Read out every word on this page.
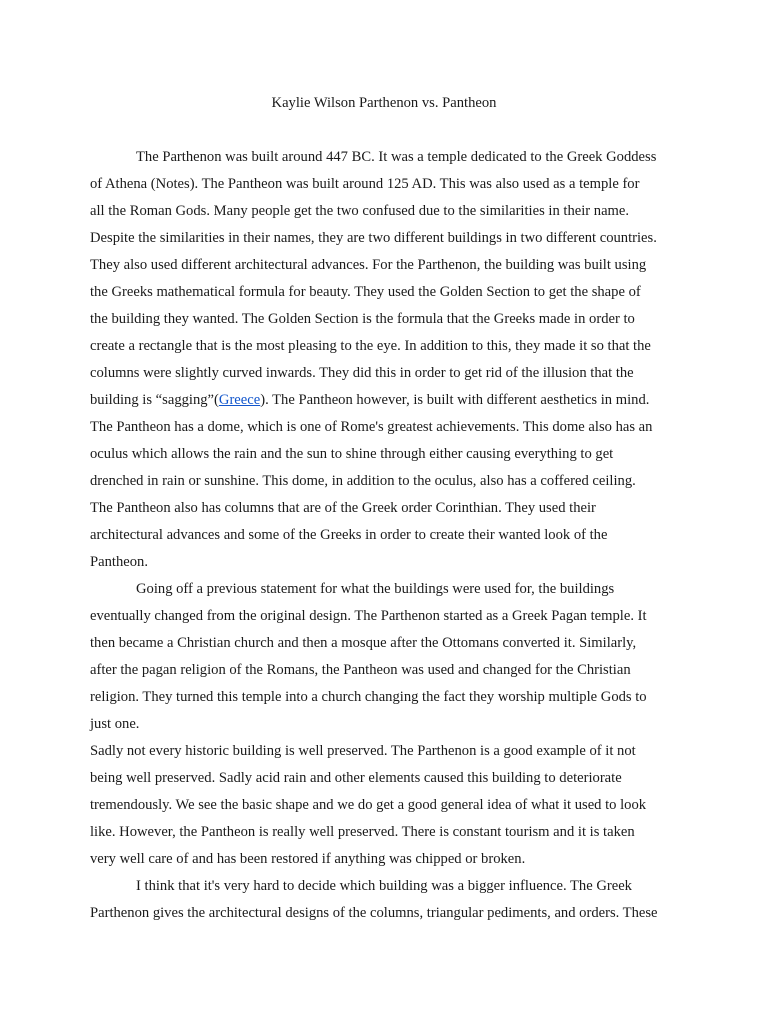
Kaylie Wilson Parthenon vs. Pantheon
The Parthenon was built around 447 BC. It was a temple dedicated to the Greek Goddess
of Athena (Notes). The Pantheon was built around 125 AD. This was also used as a temple for
all the Roman Gods. Many people get the two confused due to the similarities in their name.
Despite the similarities in their names, they are two different buildings in two different countries.
They also used different architectural advances. For the Parthenon, the building was built using
the Greeks mathematical formula for beauty. They used the Golden Section to get the shape of
the building they wanted. The Golden Section is the formula that the Greeks made in order to
create a rectangle that is the most pleasing to the eye. In addition to this, they made it so that the
columns were slightly curved inwards. They did this in order to get rid of the illusion that the
building is “sagging”(Greece). The Pantheon however, is built with different aesthetics in mind.
The Pantheon has a dome, which is one of Rome's greatest achievements. This dome also has an
oculus which allows the rain and the sun to shine through either causing everything to get
drenched in rain or sunshine. This dome, in addition to the oculus, also has a coffered ceiling.
The Pantheon also has columns that are of the Greek order Corinthian. They used their
architectural advances and some of the Greeks in order to create their wanted look of the
Pantheon.
Going off a previous statement for what the buildings were used for, the buildings
eventually changed from the original design. The Parthenon started as a Greek Pagan temple. It
then became a Christian church and then a mosque after the Ottomans converted it. Similarly,
after the pagan religion of the Romans, the Pantheon was used and changed for the Christian
religion. They turned this temple into a church changing the fact they worship multiple Gods to
just one.
Sadly not every historic building is well preserved. The Parthenon is a good example of it not
being well preserved. Sadly acid rain and other elements caused this building to deteriorate
tremendously. We see the basic shape and we do get a good general idea of what it used to look
like. However, the Pantheon is really well preserved. There is constant tourism and it is taken
very well care of and has been restored if anything was chipped or broken.
I think that it's very hard to decide which building was a bigger influence. The Greek
Parthenon gives the architectural designs of the columns, triangular pediments, and orders. These
